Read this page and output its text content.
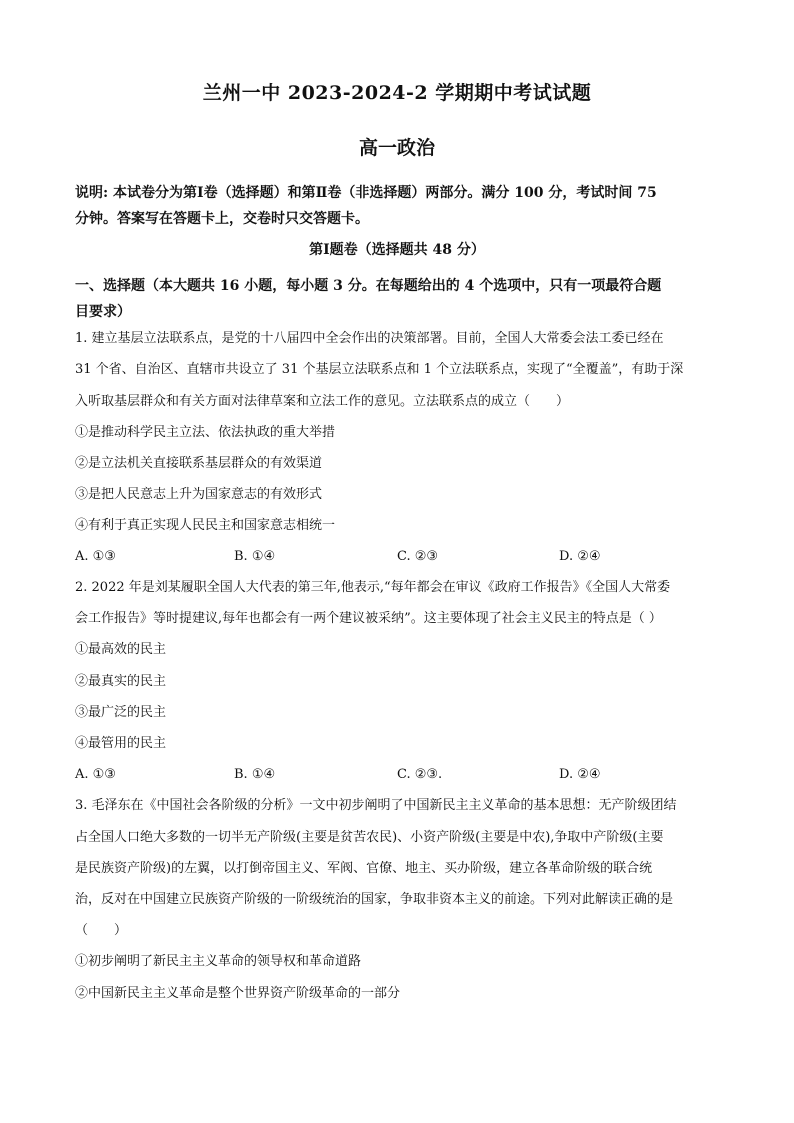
兰州一中 2023-2024-2 学期期中考试试题
高一政治
说明: 本试卷分为第Ⅰ卷（选择题）和第Ⅱ卷（非选择题）两部分。满分 100 分，考试时间 75
分钟。答案写在答题卡上，交卷时只交答题卡。
第Ⅰ题卷（选择题共 48 分）
一、选择题（本大题共 16 小题，每小题 3 分。在每题给出的 4 个选项中，只有一项最符合题
目要求）
1. 建立基层立法联系点，是党的十八届四中全会作出的决策部署。目前，全国人大常委会法工委已经在
31 个省、自治区、直辖市共设立了 31 个基层立法联系点和 1 个立法联系点，实现了“全覆盖”，有助于深
入听取基层群众和有关方面对法律草案和立法工作的意见。立法联系点的成立（　　）
①是推动科学民主立法、依法执政的重大举措
②是立法机关直接联系基层群众的有效渠道
③是把人民意志上升为国家意志的有效形式
④有利于真正实现人民民主和国家意志相统一
A. ①③	B. ①④	C. ②③	D. ②④
2. 2022 年是刘某履职全国人大代表的第三年,他表示,“每年都会在审议《政府工作报告》《全国人大常委
会工作报告》等时提建议,每年也都会有一两个建议被采纳”。这主要体现了社会主义民主的特点是（ ）
①最高效的民主
②最真实的民主
③最广泛的民主
④最管用的民主
A. ①③	B. ①④	C. ②③.	D. ②④
3. 毛泽东在《中国社会各阶级的分析》一文中初步阐明了中国新民主主义革命的基本思想：无产阶级团结
占全国人口绝大多数的一切半无产阶级(主要是贫苦农民)、小资产阶级(主要是中农),争取中产阶级(主要
是民族资产阶级)的左翼，以打倒帝国主义、军阀、官僚、地主、买办阶级，建立各革命阶级的联合统
治，反对在中国建立民族资产阶级的一阶级统治的国家，争取非资本主义的前途。下列对此解读正确的是
（　　）
①初步阐明了新民主主义革命的领导权和革命道路
②中国新民主主义革命是整个世界资产阶级革命的一部分
